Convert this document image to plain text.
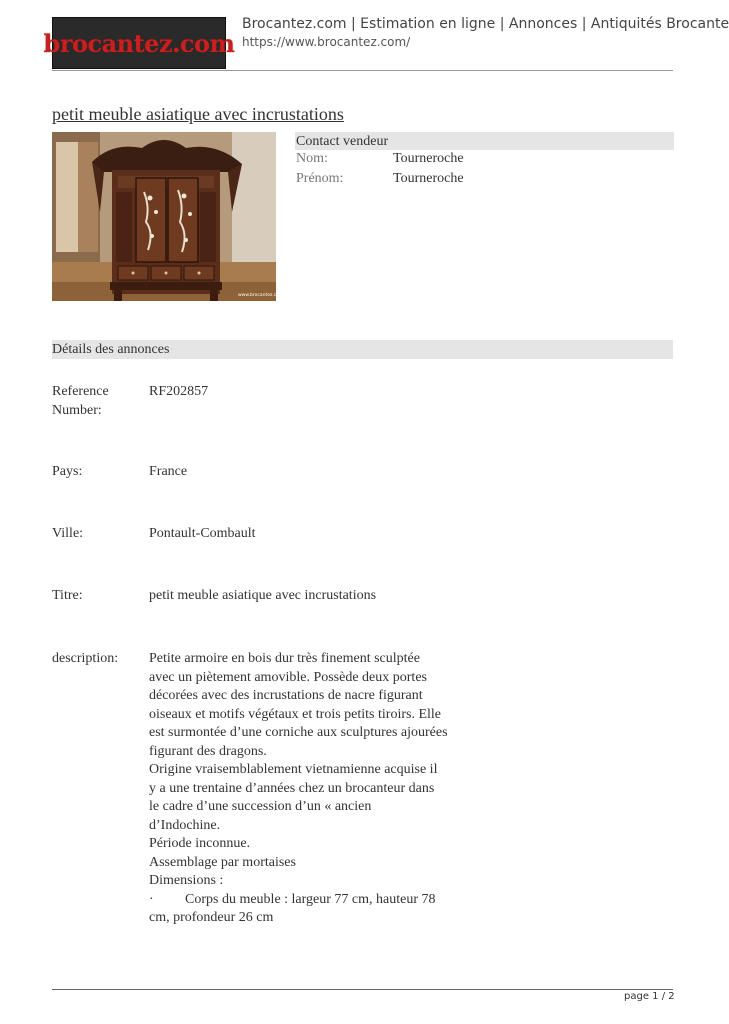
brocantez.com
Brocantez.com | Estimation en ligne | Annonces | Antiquités Brocante
https://www.brocantez.com/
petit meuble asiatique avec incrustations
www.brocantez.com
Contact vendeur
Nom:	Tourneroche
Prénom:	Tourneroche
Détails des annonces
Reference
Number:
RF202857
Pays:	France
Ville:	Pontault-Combault
Titre:	petit meuble asiatique avec incrustations
description:	Petite armoire en bois dur très finement sculptée
avec un piètement amovible. Possède deux portes
décorées avec des incrustations de nacre figurant
oiseaux et motifs végétaux et trois petits tiroirs. Elle
est surmontée d’une corniche aux sculptures ajourées
figurant des dragons.
Origine vraisemblablement vietnamienne acquise il
y a une trentaine d’années chez un brocanteur dans
le cadre d’une succession d’un « ancien
d’Indochine.
Période inconnue.
Assemblage par mortaises
Dimensions :
· Corps du meuble : largeur 77 cm, hauteur 78
cm, profondeur 26 cm
page 1 / 2
